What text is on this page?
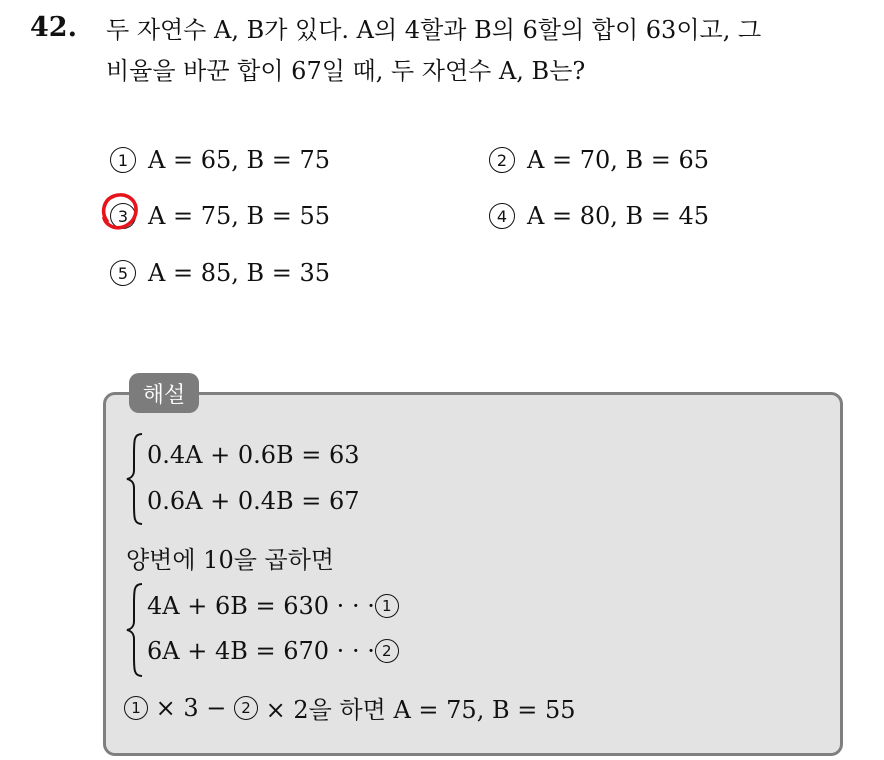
42. 두 자연수 A, B가 있다. A의 4할과 B의 6할의 합이 63이고, 그
비율을 바꾼 합이 67일 때, 두 자연수 A, B는?
1 A = 65, B = 75	2 A = 70, B = 65
3 A = 75, B = 55	4 A = 80, B = 45
5 A = 85, B = 35
해설
0.4A + 0.6B = 63
0.6A + 0.4B = 67
양변에 10을 곱하면
4A + 6B = 630 · · · 1
6A + 4B = 670 · · · 2
1 × 3 − 2 × 2을 하면 A = 75, B = 55
